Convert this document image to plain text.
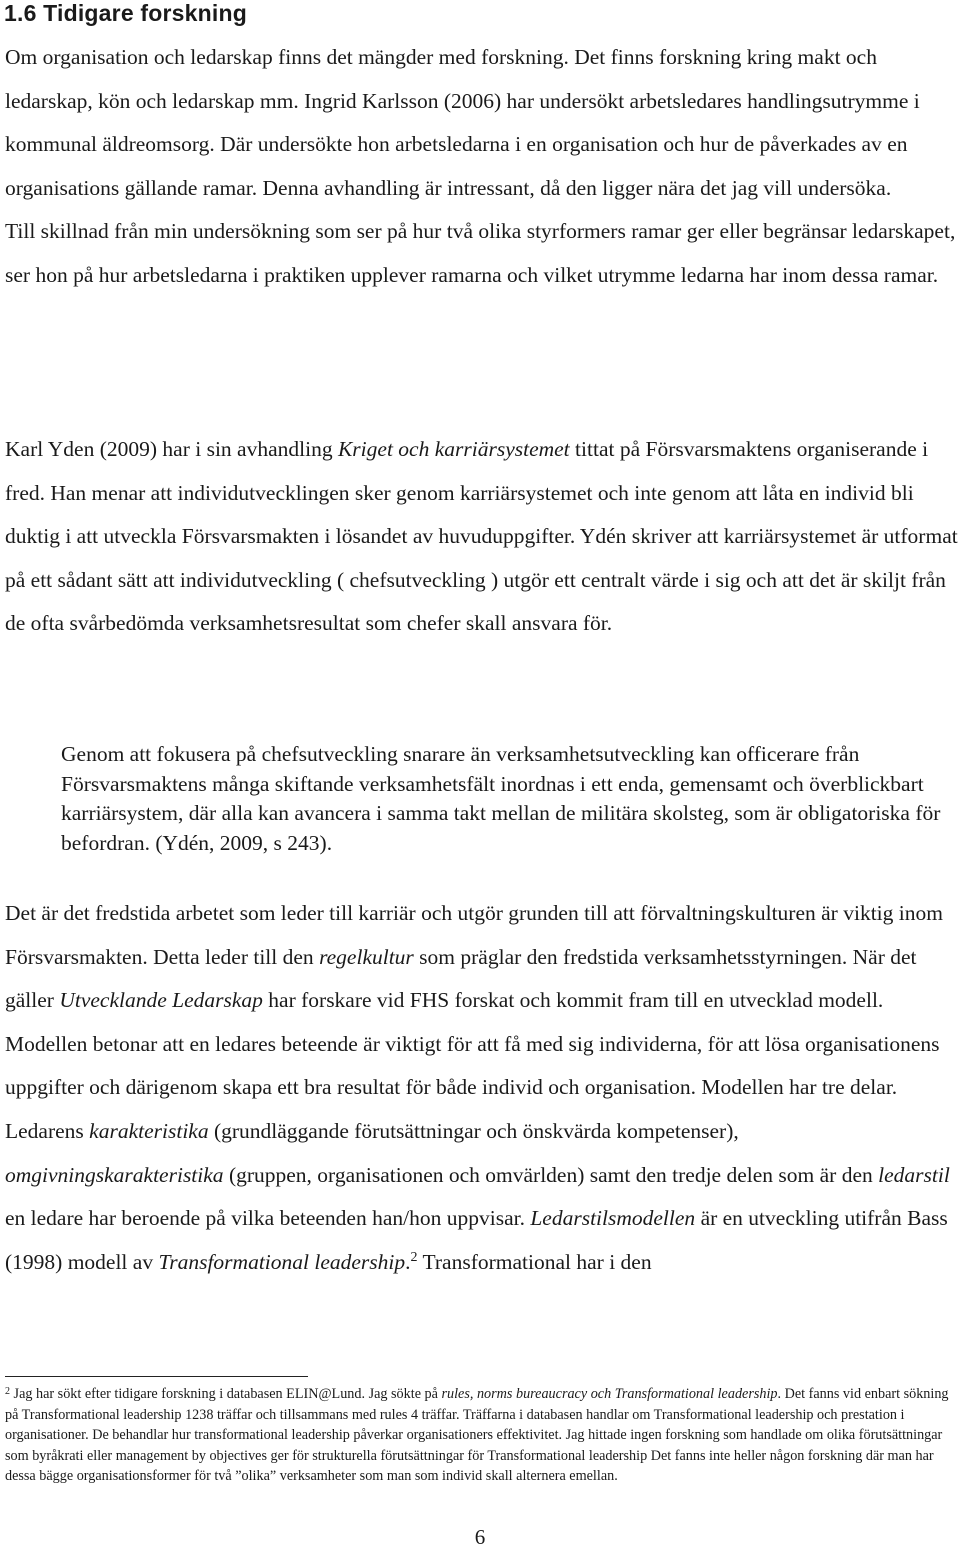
1.6 Tidigare forskning
Om organisation och ledarskap finns det mängder med forskning. Det finns forskning kring makt och ledarskap, kön och ledarskap mm. Ingrid Karlsson (2006) har undersökt arbetsledares handlingsutrymme i kommunal äldreomsorg. Där undersökte hon arbetsledarna i en organisation och hur de påverkades av en organisations gällande ramar. Denna avhandling är intressant, då den ligger nära det jag vill undersöka.
Till skillnad från min undersökning som ser på hur två olika styrformers ramar ger eller begränsar ledarskapet, ser hon på hur arbetsledarna i praktiken upplever ramarna och vilket utrymme ledarna har inom dessa ramar.
Karl Yden (2009) har i sin avhandling Kriget och karriärsystemet tittat på Försvarsmaktens organiserande i fred. Han menar att individutvecklingen sker genom karriärsystemet och inte genom att låta en individ bli duktig i att utveckla Försvarsmakten i lösandet av huvuduppgifter. Ydén skriver att karriärsystemet är utformat på ett sådant sätt att individutveckling ( chefsutveckling ) utgör ett centralt värde i sig och att det är skiljt från de ofta svårbedömda verksamhetsresultat som chefer skall ansvara för.
Genom att fokusera på chefsutveckling snarare än verksamhetsutveckling kan officerare från Försvarsmaktens många skiftande verksamhetsfält inordnas i ett enda, gemensamt och överblickbart karriärsystem, där alla kan avancera i samma takt mellan de militära skolsteg, som är obligatoriska för befordran. (Ydén, 2009, s 243).
Det är det fredstida arbetet som leder till karriär och utgör grunden till att förvaltningskulturen är viktig inom Försvarsmakten. Detta leder till den regelkultur som präglar den fredstida verksamhetsstyrningen. När det gäller Utvecklande Ledarskap har forskare vid FHS forskat och kommit fram till en utvecklad modell. Modellen betonar att en ledares beteende är viktigt för att få med sig individerna, för att lösa organisationens uppgifter och därigenom skapa ett bra resultat för både individ och organisation. Modellen har tre delar. Ledarens karakteristika (grundläggande förutsättningar och önskvärda kompetenser), omgivningskarakteristika (gruppen, organisationen och omvärlden) samt den tredje delen som är den ledarstil en ledare har beroende på vilka beteenden han/hon uppvisar. Ledarstilsmodellen är en utveckling utifrån Bass (1998) modell av Transformational leadership.$^2$ Transformational har i den
$^2$ Jag har sökt efter tidigare forskning i databasen ELIN@Lund. Jag sökte på rules, norms bureaucracy och Transformational leadership. Det fanns vid enbart sökning på Transformational leadership 1238 träffar och tillsammans med rules 4 träffar. Träffarna i databasen handlar om Transformational leadership och prestation i organisationer. De behandlar hur transformational leadership påverkar organisationers effektivitet. Jag hittade ingen forskning som handlade om olika förutsättningar som byråkrati eller management by objectives ger för strukturella förutsättningar för Transformational leadership Det fanns inte heller någon forskning där man har dessa bägge organisationsformer för två ”olika” verksamheter som man som individ skall alternera emellan.
6
